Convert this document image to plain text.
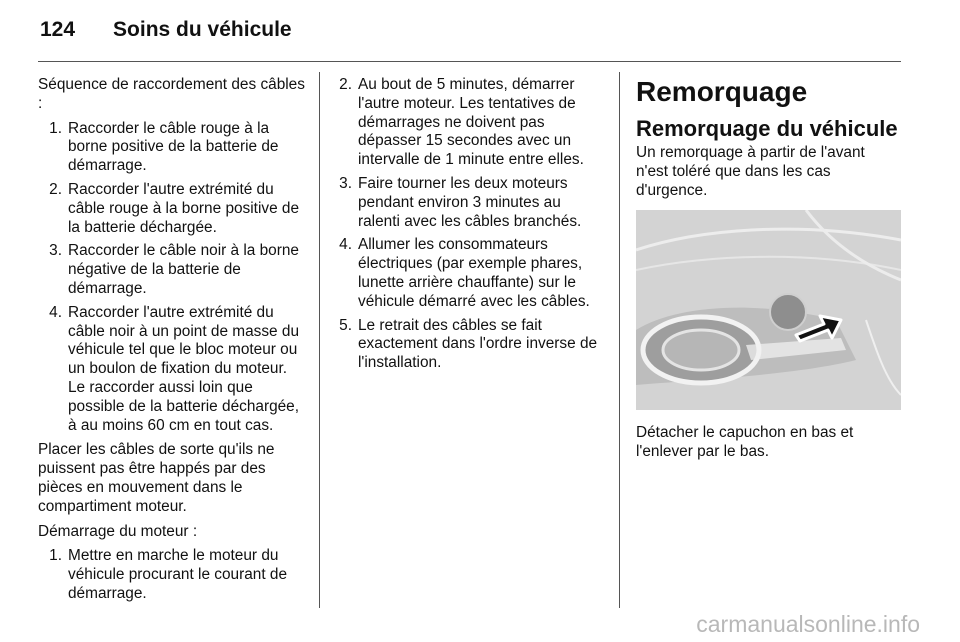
124 Soins du véhicule

Séquence de raccordement des câbles :

1. Raccorder le câble rouge à la borne positive de la batterie de démarrage.
2. Raccorder l'autre extrémité du câble rouge à la borne positive de la batterie déchargée.
3. Raccorder le câble noir à la borne négative de la batterie de démarrage.
4. Raccorder l'autre extrémité du câble noir à un point de masse du véhicule tel que le bloc moteur ou un boulon de fixation du moteur. Le raccorder aussi loin que possible de la batterie déchargée, à au moins 60 cm en tout cas.

Placer les câbles de sorte qu'ils ne puissent pas être happés par des pièces en mouvement dans le compartiment moteur.

Démarrage du moteur :

1. Mettre en marche le moteur du véhicule procurant le courant de démarrage.
2. Au bout de 5 minutes, démarrer l'autre moteur. Les tentatives de démarrages ne doivent pas dépasser 15 secondes avec un intervalle de 1 minute entre elles.
3. Faire tourner les deux moteurs pendant environ 3 minutes au ralenti avec les câbles branchés.
4. Allumer les consommateurs électriques (par exemple phares, lunette arrière chauffante) sur le véhicule démarré avec les câbles.
5. Le retrait des câbles se fait exactement dans l'ordre inverse de l'installation.
Remorquage
Remorquage du véhicule

Un remorquage à partir de l'avant n'est toléré que dans les cas d'urgence.

Détacher le capuchon en bas et l'enlever par le bas.

carmanualsonline.info
